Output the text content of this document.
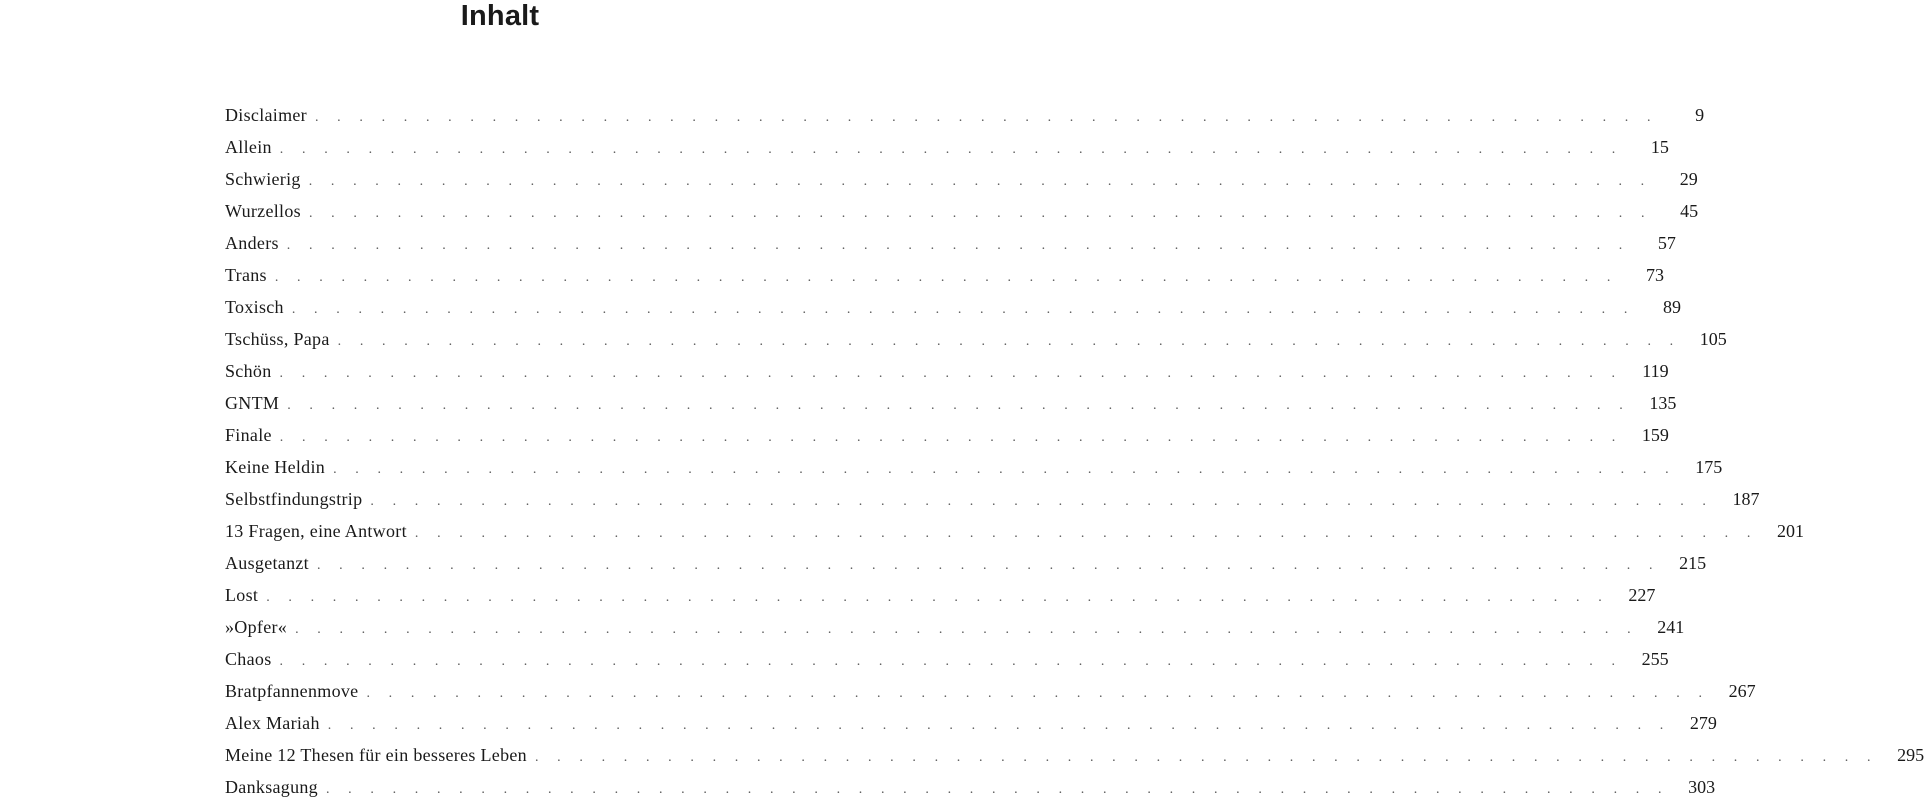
Inhalt
Disclaimer . . . . . . . . . . . . . . . . . . . . . . . . . . . . . . . . . . . . . . . . . . . . . . . . . . . . . . . . . . . . .	9
Allein . . . . . . . . . . . . . . . . . . . . . . . . . . . . . . . . . . . . . . . . . . . . . . . . . . . . . . . . . . . . .	15
Schwierig . . . . . . . . . . . . . . . . . . . . . . . . . . . . . . . . . . . . . . . . . . . . . . . . . . . . . . . . . . . . .	29
Wurzellos . . . . . . . . . . . . . . . . . . . . . . . . . . . . . . . . . . . . . . . . . . . . . . . . . . . . . . . . . . . . .	45
Anders . . . . . . . . . . . . . . . . . . . . . . . . . . . . . . . . . . . . . . . . . . . . . . . . . . . . . . . . . . . . .	57
Trans . . . . . . . . . . . . . . . . . . . . . . . . . . . . . . . . . . . . . . . . . . . . . . . . . . . . . . . . . . . . .	73
Toxisch . . . . . . . . . . . . . . . . . . . . . . . . . . . . . . . . . . . . . . . . . . . . . . . . . . . . . . . . . . . . .	89
Tschüss, Papa . . . . . . . . . . . . . . . . . . . . . . . . . . . . . . . . . . . . . . . . . . . . . . . . . . . . . . . . . . . . .	105
Schön . . . . . . . . . . . . . . . . . . . . . . . . . . . . . . . . . . . . . . . . . . . . . . . . . . . . . . . . . . . . .	119
GNTM . . . . . . . . . . . . . . . . . . . . . . . . . . . . . . . . . . . . . . . . . . . . . . . . . . . . . . . . . . . . .	135
Finale . . . . . . . . . . . . . . . . . . . . . . . . . . . . . . . . . . . . . . . . . . . . . . . . . . . . . . . . . . . . .	159
Keine Heldin . . . . . . . . . . . . . . . . . . . . . . . . . . . . . . . . . . . . . . . . . . . . . . . . . . . . . . . . . . . . .	175
Selbstfindungstrip . . . . . . . . . . . . . . . . . . . . . . . . . . . . . . . . . . . . . . . . . . . . . . . . . . . . . . . . . . . . .	187
13 Fragen, eine Antwort . . . . . . . . . . . . . . . . . . . . . . . . . . . . . . . . . . . . . . . . . . . . . . . . . . . . . . . . . . . . .	201
Ausgetanzt . . . . . . . . . . . . . . . . . . . . . . . . . . . . . . . . . . . . . . . . . . . . . . . . . . . . . . . . . . . . .	215
Lost . . . . . . . . . . . . . . . . . . . . . . . . . . . . . . . . . . . . . . . . . . . . . . . . . . . . . . . . . . . . .	227
»Opfer« . . . . . . . . . . . . . . . . . . . . . . . . . . . . . . . . . . . . . . . . . . . . . . . . . . . . . . . . . . . . .	241
Chaos . . . . . . . . . . . . . . . . . . . . . . . . . . . . . . . . . . . . . . . . . . . . . . . . . . . . . . . . . . . . .	255
Bratpfannenmove . . . . . . . . . . . . . . . . . . . . . . . . . . . . . . . . . . . . . . . . . . . . . . . . . . . . . . . . . . . . .	267
Alex Mariah . . . . . . . . . . . . . . . . . . . . . . . . . . . . . . . . . . . . . . . . . . . . . . . . . . . . . . . . . . . . .	279
Meine 12 Thesen für ein besseres Leben . . . . . . . . . . . . . . . . . . . . . . . . . . . . . . . . . . . . . . . . . . . . . . . . . . . . . . . . . . . . .	295
Danksagung . . . . . . . . . . . . . . . . . . . . . . . . . . . . . . . . . . . . . . . . . . . . . . . . . . . . . . . . . . . . .	303
